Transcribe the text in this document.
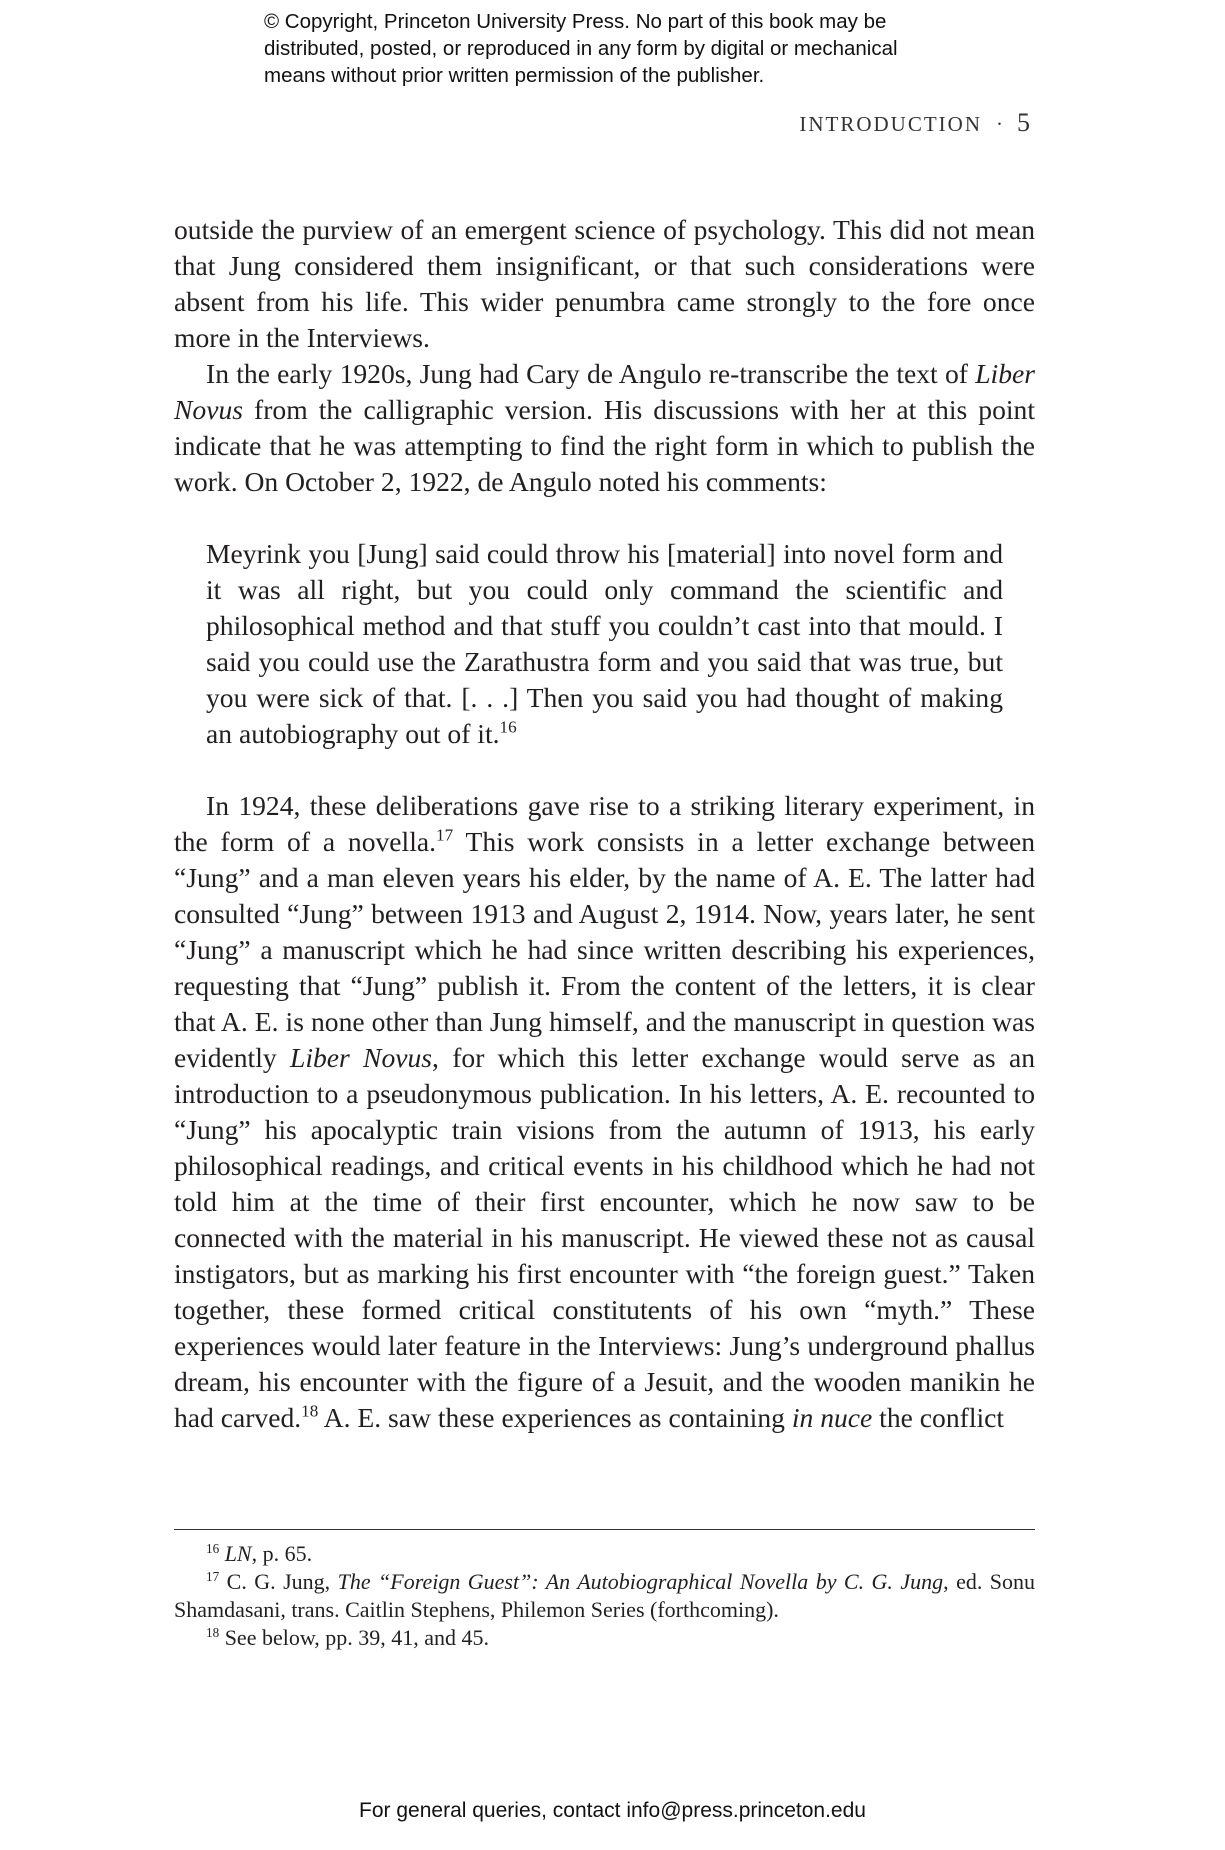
© Copyright, Princeton University Press. No part of this book may be
distributed, posted, or reproduced in any form by digital or mechanical
means without prior written permission of the publisher.
INTRODUCTION · 5

outside the purview of an emergent science of psychology. This did not mean that Jung considered them insignificant, or that such considerations were absent from his life. This wider penumbra came strongly to the fore once more in the Interviews.

In the early 1920s, Jung had Cary de Angulo re-transcribe the text of Liber Novus from the calligraphic version. His discussions with her at this point indicate that he was attempting to find the right form in which to publish the work. On October 2, 1922, de Angulo noted his comments:

Meyrink you [Jung] said could throw his [material] into novel form and it was all right, but you could only command the scientific and philosophical method and that stuff you couldn’t cast into that mould. I said you could use the Zarathustra form and you said that was true, but you were sick of that. [. . .] Then you said you had thought of making an autobiography out of it.$^{16}$

In 1924, these deliberations gave rise to a striking literary experiment, in the form of a novella.$^{17}$ This work consists in a letter exchange between “Jung” and a man eleven years his elder, by the name of A. E. The latter had consulted “Jung” between 1913 and August 2, 1914. Now, years later, he sent “Jung” a manuscript which he had since written describing his experiences, requesting that “Jung” publish it. From the content of the letters, it is clear that A. E. is none other than Jung himself, and the manuscript in question was evidently Liber Novus, for which this letter exchange would serve as an introduction to a pseudonymous publication. In his letters, A. E. recounted to “Jung” his apocalyptic train visions from the autumn of 1913, his early philosophical readings, and critical events in his childhood which he had not told him at the time of their first encounter, which he now saw to be connected with the material in his manuscript. He viewed these not as causal instigators, but as marking his first encounter with “the foreign guest.” Taken together, these formed critical constitutents of his own “myth.” These experiences would later feature in the Interviews: Jung’s underground phallus dream, his encounter with the figure of a Jesuit, and the wooden manikin he had carved.$^{18}$ A. E. saw these experiences as containing in nuce the conflict

$^{16}$ LN, p. 65.

$^{17}$ C. G. Jung, The “Foreign Guest”: An Autobiographical Novella by C. G. Jung, ed. Sonu Shamdasani, trans. Caitlin Stephens, Philemon Series (forthcoming).

$^{18}$ See below, pp. 39, 41, and 45.

For general queries, contact info@press.princeton.edu
